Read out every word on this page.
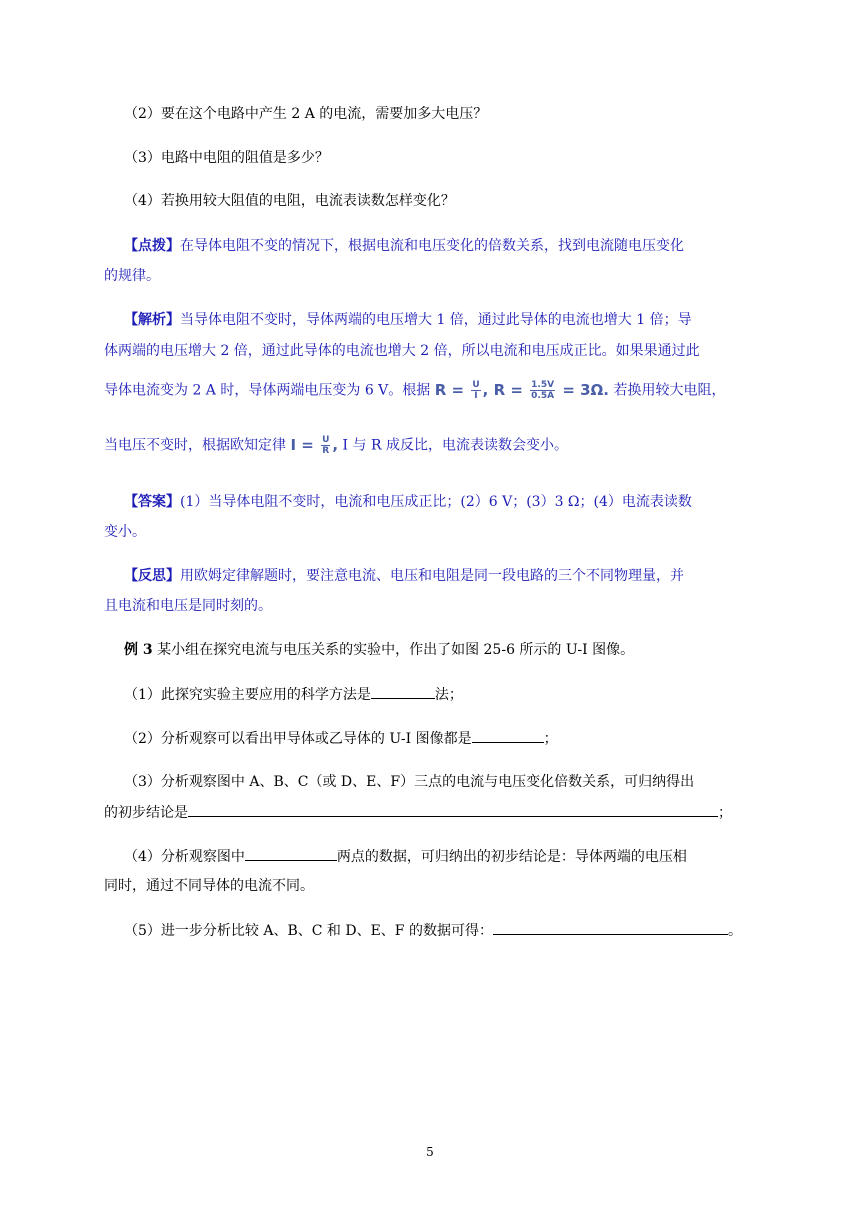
（2）要在这个电路中产生 2 A 的电流，需要加多大电压？
（3）电路中电阻的阻值是多少？
（4）若换用较大阻值的电阻，电流表读数怎样变化？
【点拨】在导体电阻不变的情况下，根据电流和电压变化的倍数关系，找到电流随电压变化
的规律。
【解析】当导体电阻不变时，导体两端的电压增大 1 倍，通过此导体的电流也增大 1 倍；导
体两端的电压增大 2 倍，通过此导体的电流也增大 2 倍，所以电流和电压成正比。如果果通过此
导体电流变为 2 A 时，导体两端电压变为 6 V。根据 $R = \frac{U}{I}$ , $R = \frac{1.5V}{0.5A} = 3\Omega$. 若换用较大电阻，
当电压不变时，根据欧知定律 $I = \frac{U}{R}$ , I 与 R 成反比，电流表读数会变小。
【答案】(1）当导体电阻不变时，电流和电压成正比；(2）6 V；(3）3 Ω；(4）电流表读数
变小。
【反思】用欧姆定律解题时，要注意电流、电压和电阻是同一段电路的三个不同物理量，并
且电流和电压是同时刻的。
例 3 某小组在探究电流与电压关系的实验中，作出了如图 25-6 所示的 U-I 图像。
（1）此探究实验主要应用的科学方法是	法；
（2）分析观察可以看出甲导体或乙导体的 U-I 图像都是	；
（3）分析观察图中 A、B、C（或 D、E、F）三点的电流与电压变化倍数关系，可归纳得出
的初步结论是	；
（4）分析观察图中	两点的数据，可归纳出的初步结论是：导体两端的电压相
同时，通过不同导体的电流不同。
（5）进一步分析比较 A、B、C 和 D、E、F 的数据可得：	。
5
